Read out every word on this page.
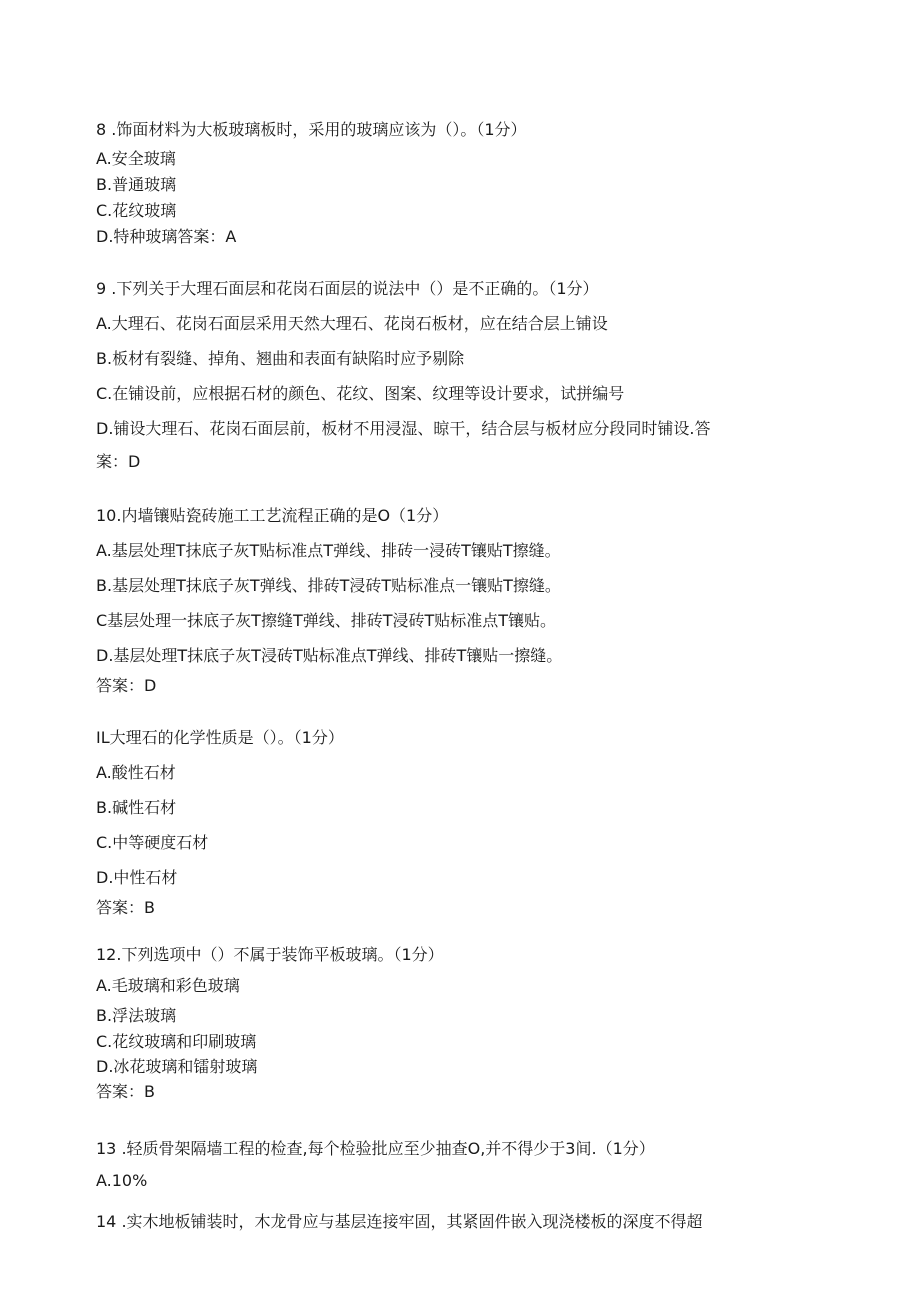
8 .饰面材料为大板玻璃板时，采用的玻璃应该为（）。（1分）
A.安全玻璃
B.普通玻璃
C.花纹玻璃
D.特种玻璃答案：A
9 .下列关于大理石面层和花岗石面层的说法中（）是不正确的。（1分）
A.大理石、花岗石面层采用天然大理石、花岗石板材，应在结合层上铺设
B.板材有裂缝、掉角、翘曲和表面有缺陷时应予剔除
C.在铺设前，应根据石材的颜色、花纹、图案、纹理等设计要求，试拼编号
D.铺设大理石、花岗石面层前，板材不用浸湿、晾干，结合层与板材应分段同时铺设.答
案：D
10.内墙镶贴瓷砖施工工艺流程正确的是O（1分）
A.基层处理T抹底子灰T贴标准点T弹线、排砖一浸砖T镶贴T擦缝。
B.基层处理T抹底子灰T弹线、排砖T浸砖T贴标准点一镶贴T擦缝。
C基层处理一抹底子灰T擦缝T弹线、排砖T浸砖T贴标准点T镶贴。
D.基层处理T抹底子灰T浸砖T贴标准点T弹线、排砖T镶贴一擦缝。
答案：D
IL大理石的化学性质是（）。（1分）
A.酸性石材
B.碱性石材
C.中等硬度石材
D.中性石材
答案：B
12.下列选项中（）不属于装饰平板玻璃。（1分）
A.毛玻璃和彩色玻璃
B.浮法玻璃
C.花纹玻璃和印刷玻璃
D.冰花玻璃和镭射玻璃
答案：B
13 .轻质骨架隔墙工程的检查,每个检验批应至少抽查O,并不得少于3间.（1分）
A.10%
14 .实木地板铺装时，木龙骨应与基层连接牢固，其紧固件嵌入现浇楼板的深度不得超
